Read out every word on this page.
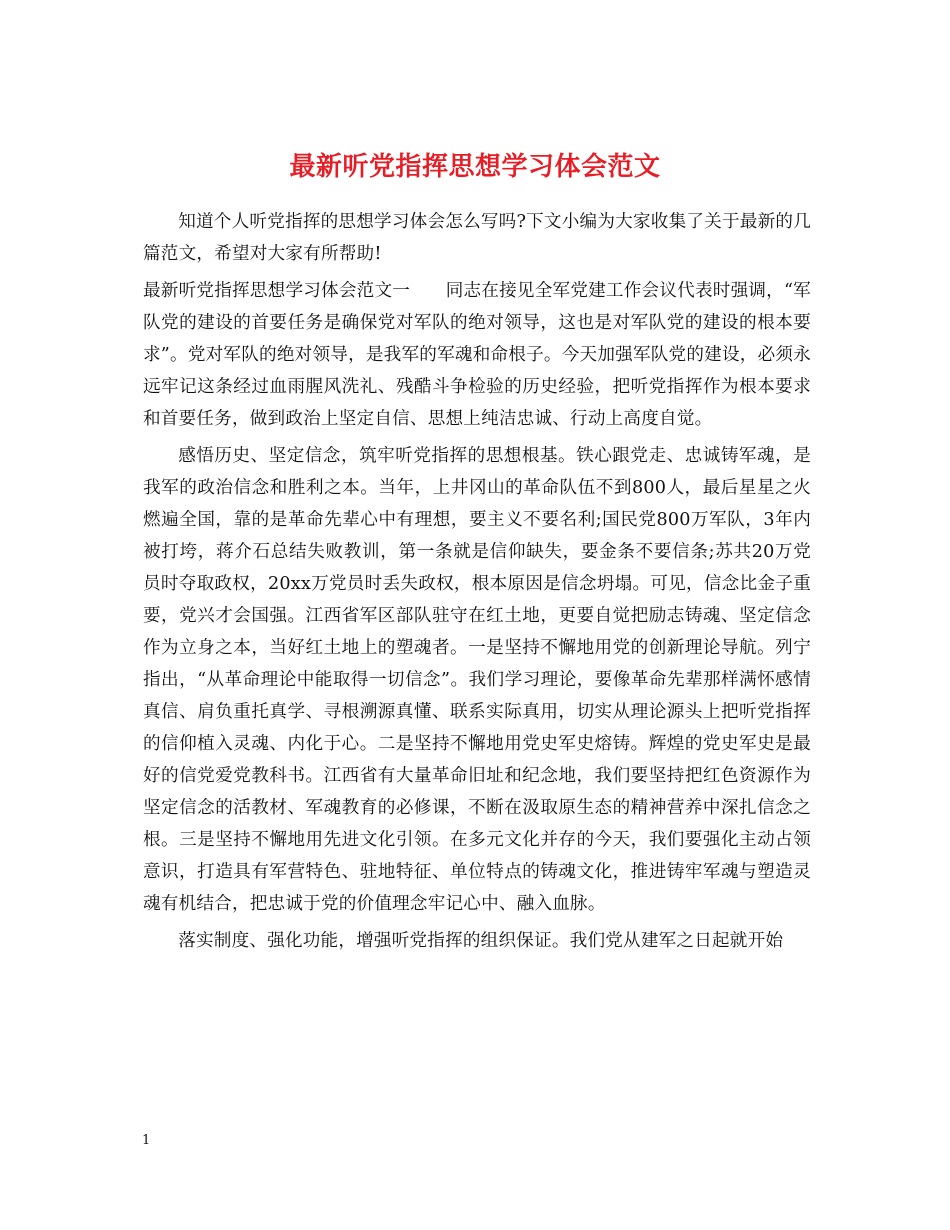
最新听党指挥思想学习体会范文

知道个人听党指挥的思想学习体会怎么写吗?下文小编为大家收集了关于最新的几篇范文，希望对大家有所帮助!

最新听党指挥思想学习体会范文一　　同志在接见全军党建工作会议代表时强调，“军队党的建设的首要任务是确保党对军队的绝对领导，这也是对军队党的建设的根本要求”。党对军队的绝对领导，是我军的军魂和命根子。今天加强军队党的建设，必须永远牢记这条经过血雨腥风洗礼、残酷斗争检验的历史经验，把听党指挥作为根本要求和首要任务，做到政治上坚定自信、思想上纯洁忠诚、行动上高度自觉。

感悟历史、坚定信念，筑牢听党指挥的思想根基。铁心跟党走、忠诚铸军魂，是我军的政治信念和胜利之本。当年，上井冈山的革命队伍不到800人，最后星星之火燃遍全国，靠的是革命先辈心中有理想，要主义不要名利;国民党800万军队，3年内被打垮，蒋介石总结失败教训，第一条就是信仰缺失，要金条不要信条;苏共20万党员时夺取政权，20xx万党员时丢失政权，根本原因是信念坍塌。可见，信念比金子重要，党兴才会国强。江西省军区部队驻守在红土地，更要自觉把励志铸魂、坚定信念作为立身之本，当好红土地上的塑魂者。一是坚持不懈地用党的创新理论导航。列宁指出，“从革命理论中能取得一切信念”。我们学习理论，要像革命先辈那样满怀感情真信、肩负重托真学、寻根溯源真懂、联系实际真用，切实从理论源头上把听党指挥的信仰植入灵魂、内化于心。二是坚持不懈地用党史军史熔铸。辉煌的党史军史是最好的信党爱党教科书。江西省有大量革命旧址和纪念地，我们要坚持把红色资源作为坚定信念的活教材、军魂教育的必修课，不断在汲取原生态的精神营养中深扎信念之根。三是坚持不懈地用先进文化引领。在多元文化并存的今天，我们要强化主动占领意识，打造具有军营特色、驻地特征、单位特点的铸魂文化，推进铸牢军魂与塑造灵魂有机结合，把忠诚于党的价值理念牢记心中、融入血脉。

落实制度、强化功能，增强听党指挥的组织保证。我们党从建军之日起就开始

1
